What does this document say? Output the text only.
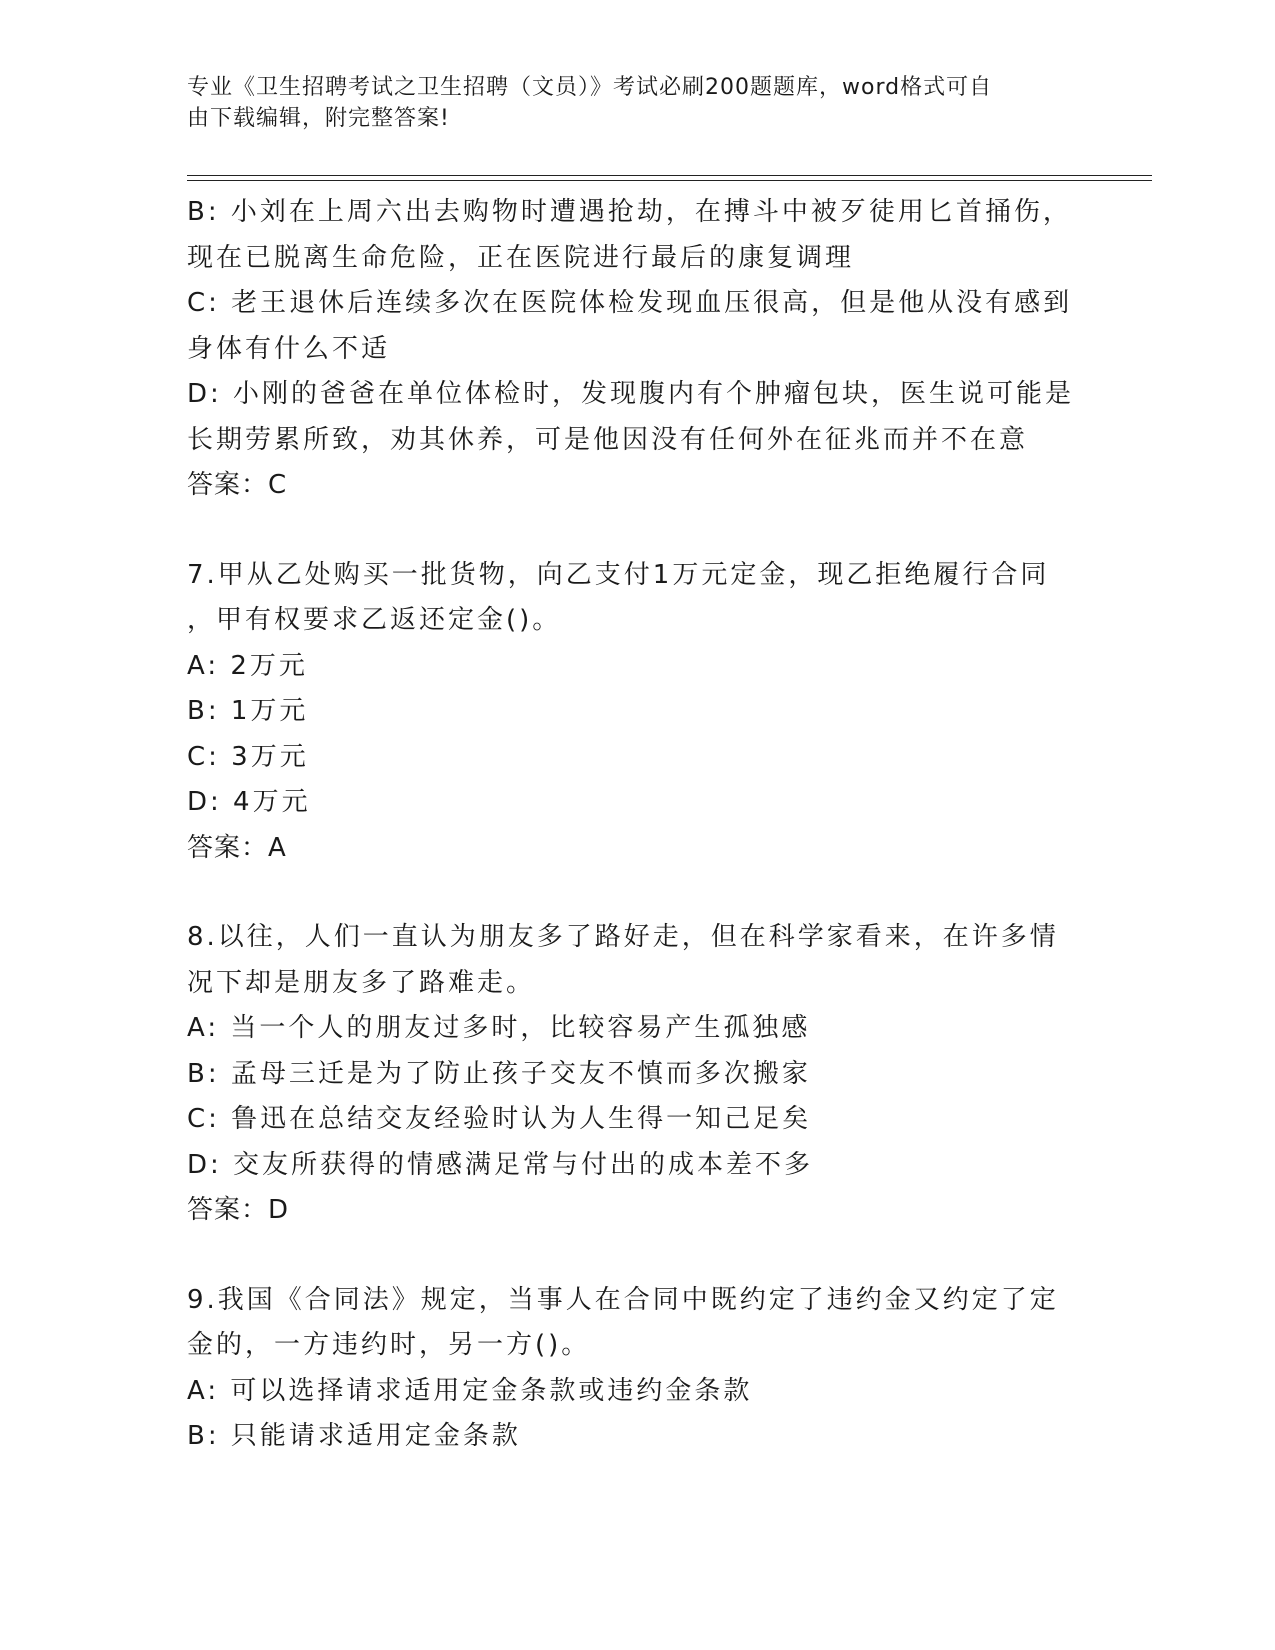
专业《卫生招聘考试之卫生招聘（文员）》考试必刷200题题库，word格式可自
由下载编辑，附完整答案!
B: 小刘在上周六出去购物时遭遇抢劫，在搏斗中被歹徒用匕首捅伤，
现在已脱离生命危险，正在医院进行最后的康复调理
C: 老王退休后连续多次在医院体检发现血压很高，但是他从没有感到
身体有什么不适
D: 小刚的爸爸在单位体检时，发现腹内有个肿瘤包块，医生说可能是
长期劳累所致，劝其休养，可是他因没有任何外在征兆而并不在意
答案：C
7.甲从乙处购买一批货物，向乙支付1万元定金，现乙拒绝履行合同
，甲有权要求乙返还定金()。
A: 2万元
B: 1万元
C: 3万元
D: 4万元
答案：A
8.以往，人们一直认为朋友多了路好走，但在科学家看来，在许多情
况下却是朋友多了路难走。
A: 当一个人的朋友过多时，比较容易产生孤独感
B: 孟母三迁是为了防止孩子交友不慎而多次搬家
C: 鲁迅在总结交友经验时认为人生得一知己足矣
D: 交友所获得的情感满足常与付出的成本差不多
答案：D
9.我国《合同法》规定，当事人在合同中既约定了违约金又约定了定
金的，一方违约时，另一方()。
A: 可以选择请求适用定金条款或违约金条款
B: 只能请求适用定金条款
